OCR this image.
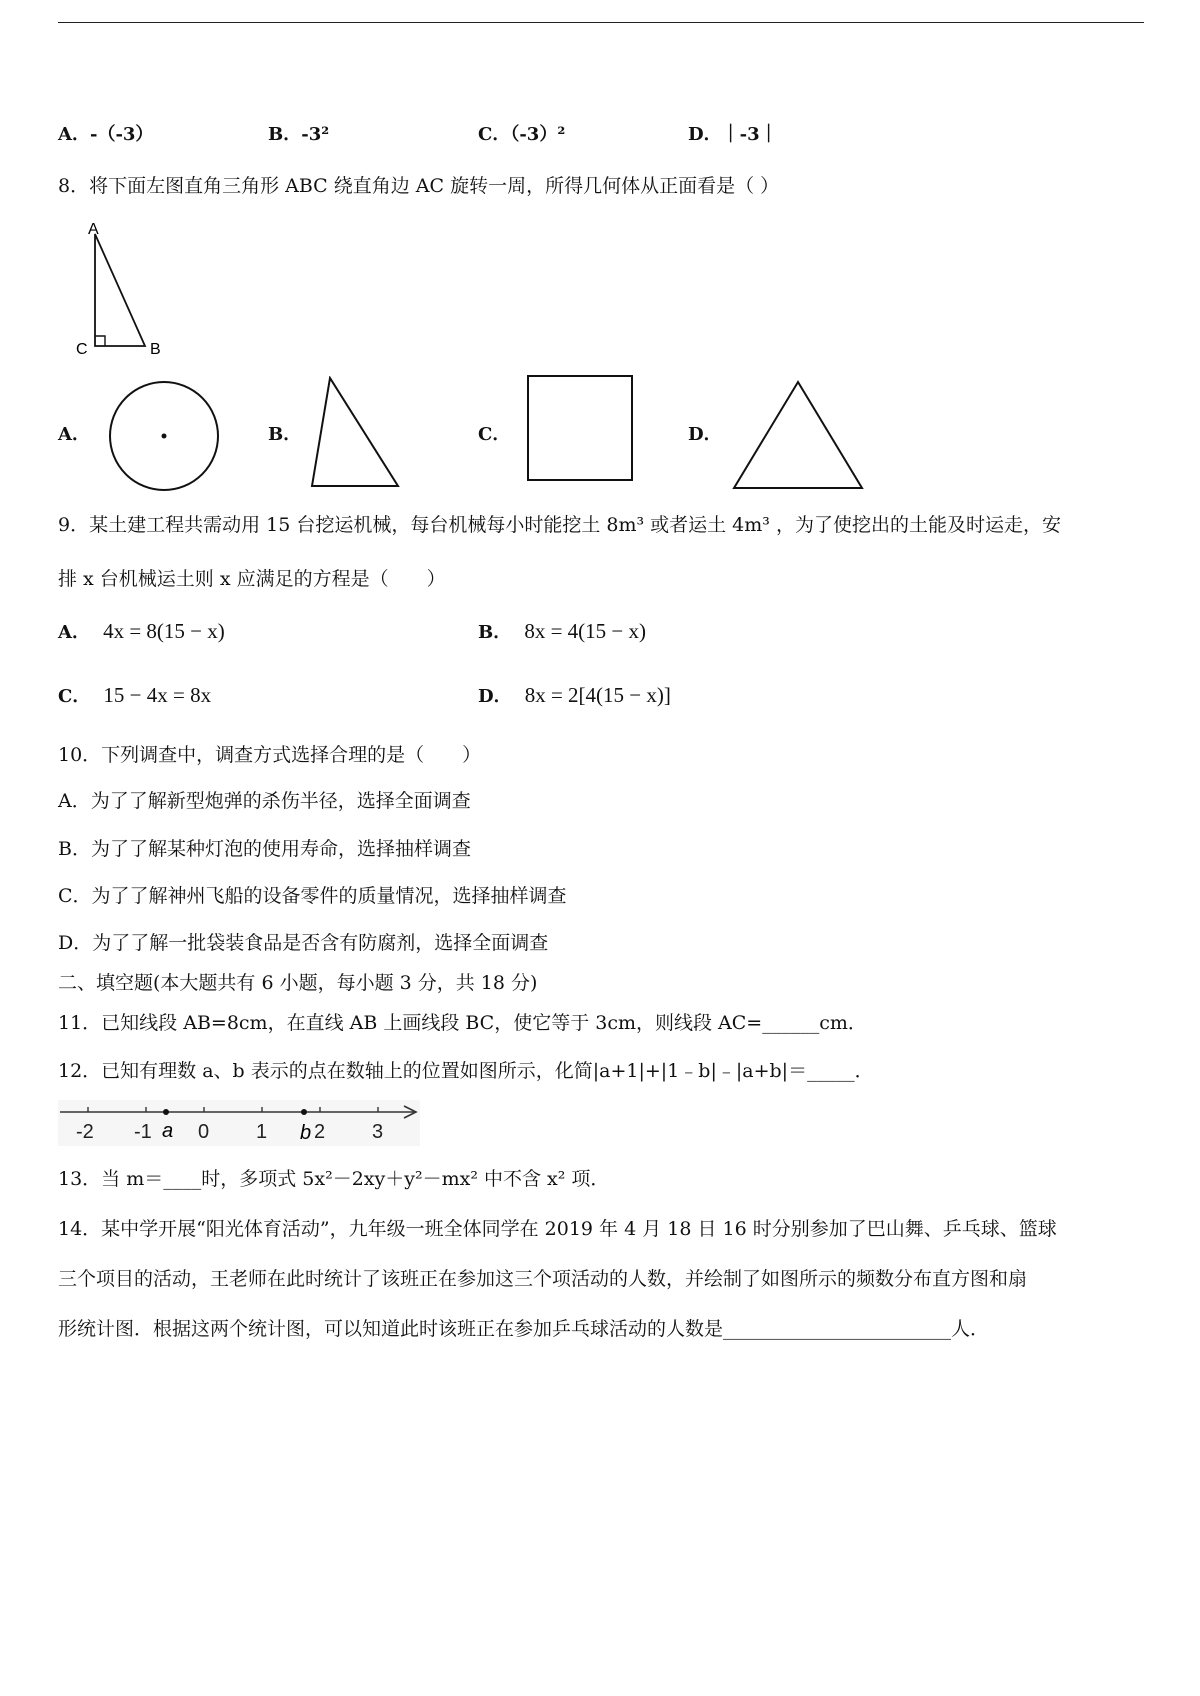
A．-（-3）	B．-3²	C．（-3）²	D．｜-3｜
8．将下面左图直角三角形 ABC 绕直角边 AC 旋转一周，所得几何体从正面看是（ ）
A
C	B
A．	B．	C．	D．
9．某土建工程共需动用 15 台挖运机械，每台机械每小时能挖土 8m³ 或者运土 4m³ ，为了使挖出的土能及时运走，安
排 x 台机械运土则 x 应满足的方程是（　　）
A． 4x = 8(15 − x)	B． 8x = 4(15 − x)
C． 15 − 4x = 8x	D． 8x = 2[4(15 − x)]
10．下列调查中，调查方式选择合理的是（　　）
A．为了了解新型炮弹的杀伤半径，选择全面调查
B．为了了解某种灯泡的使用寿命，选择抽样调查
C．为了了解神州飞船的设备零件的质量情况，选择抽样调查
D．为了了解一批袋装食品是否含有防腐剂，选择全面调查
二、填空题(本大题共有 6 小题，每小题 3 分，共 18 分)
11．已知线段 AB=8cm，在直线 AB 上画线段 BC，使它等于 3cm，则线段 AC=______cm．
12．已知有理数 a、b 表示的点在数轴上的位置如图所示，化简|a+1|+|1﹣b|﹣|a+b|＝_____．
-2 -1 0 1 2 3
a	b
13．当 m＝____时，多项式 5x²－2xy＋y²－mx² 中不含 x² 项．
14．某中学开展“阳光体育活动”，九年级一班全体同学在 2019 年 4 月 18 日 16 时分别参加了巴山舞、乒乓球、篮球
三个项目的活动，王老师在此时统计了该班正在参加这三个项活动的人数，并绘制了如图所示的频数分布直方图和扇
形统计图．根据这两个统计图，可以知道此时该班正在参加乒乓球活动的人数是________________________人．
